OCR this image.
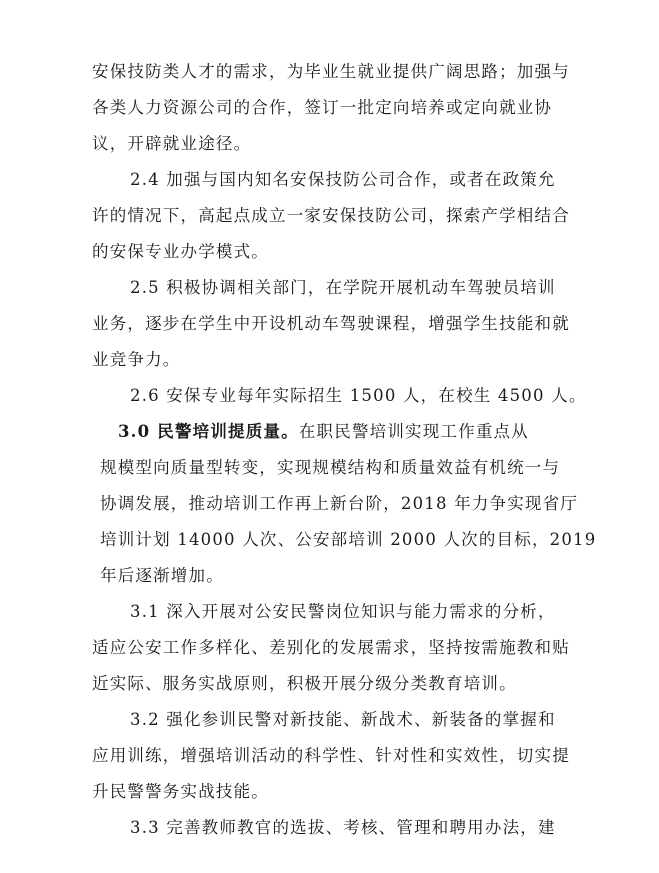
安保技防类人才的需求，为毕业生就业提供广阔思路；加强与
各类人力资源公司的合作，签订一批定向培养或定向就业协
议，开辟就业途径。
2.4 加强与国内知名安保技防公司合作，或者在政策允
许的情况下，高起点成立一家安保技防公司，探索产学相结合
的安保专业办学模式。
2.5 积极协调相关部门，在学院开展机动车驾驶员培训
业务，逐步在学生中开设机动车驾驶课程，增强学生技能和就
业竞争力。
2.6 安保专业每年实际招生 1500 人，在校生 4500 人。
3.0 民警培训提质量。在职民警培训实现工作重点从
规模型向质量型转变，实现规模结构和质量效益有机统一与
协调发展，推动培训工作再上新台阶，2018 年力争实现省厅
培训计划 14000 人次、公安部培训 2000 人次的目标，2019
年后逐渐增加。
3.1 深入开展对公安民警岗位知识与能力需求的分析，
适应公安工作多样化、差别化的发展需求，坚持按需施教和贴
近实际、服务实战原则，积极开展分级分类教育培训。
3.2 强化参训民警对新技能、新战术、新装备的掌握和
应用训练，增强培训活动的科学性、针对性和实效性，切实提
升民警警务实战技能。
3.3 完善教师教官的选拔、考核、管理和聘用办法，建
